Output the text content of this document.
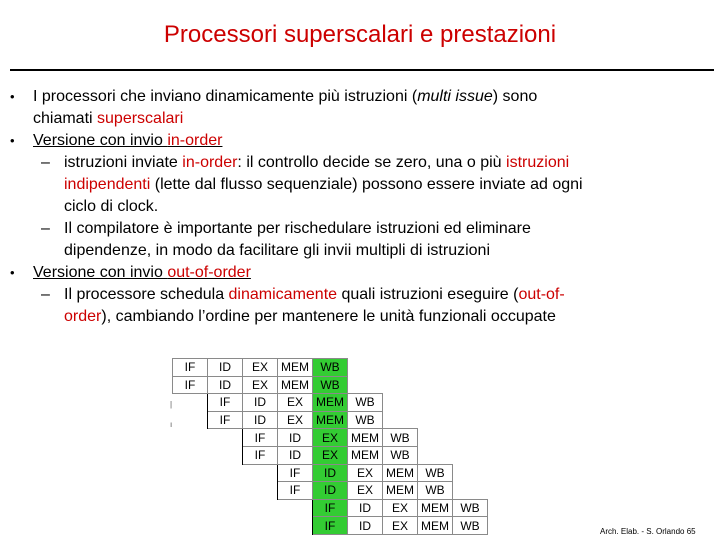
Processori superscalari e prestazioni
• I processori che inviano dinamicamente più istruzioni (multi issue) sono
chiamati superscalari
• Versione con invio in-order
– istruzioni inviate in-order: il controllo decide se zero, una o più istruzioni
indipendenti (lette dal flusso sequenziale) possono essere inviate ad ogni
ciclo di clock.
– Il compilatore è importante per rischedulare istruzioni ed eliminare
dipendenze, in modo da facilitare gli invii multipli di istruzioni
• Versione con invio out-of-order
– Il processore schedula dinamicamente quali istruzioni eseguire (out-of-
order), cambiando l’ordine per mantenere le unità funzionali occupate
|

ı
IF	ID	EX	MEM	WB				
IF	ID	EX	MEM	WB				
	IF	ID	EX	MEM	WB			
	IF	ID	EX	MEM	WB			
		IF	ID	EX	MEM	WB		
		IF	ID	EX	MEM	WB		
			IF	ID	EX	MEM	WB	
			IF	ID	EX	MEM	WB	
				IF	ID	EX	MEM	WB
				IF	ID	EX	MEM	WB	Arch. Elab. - S. Orlando 65
